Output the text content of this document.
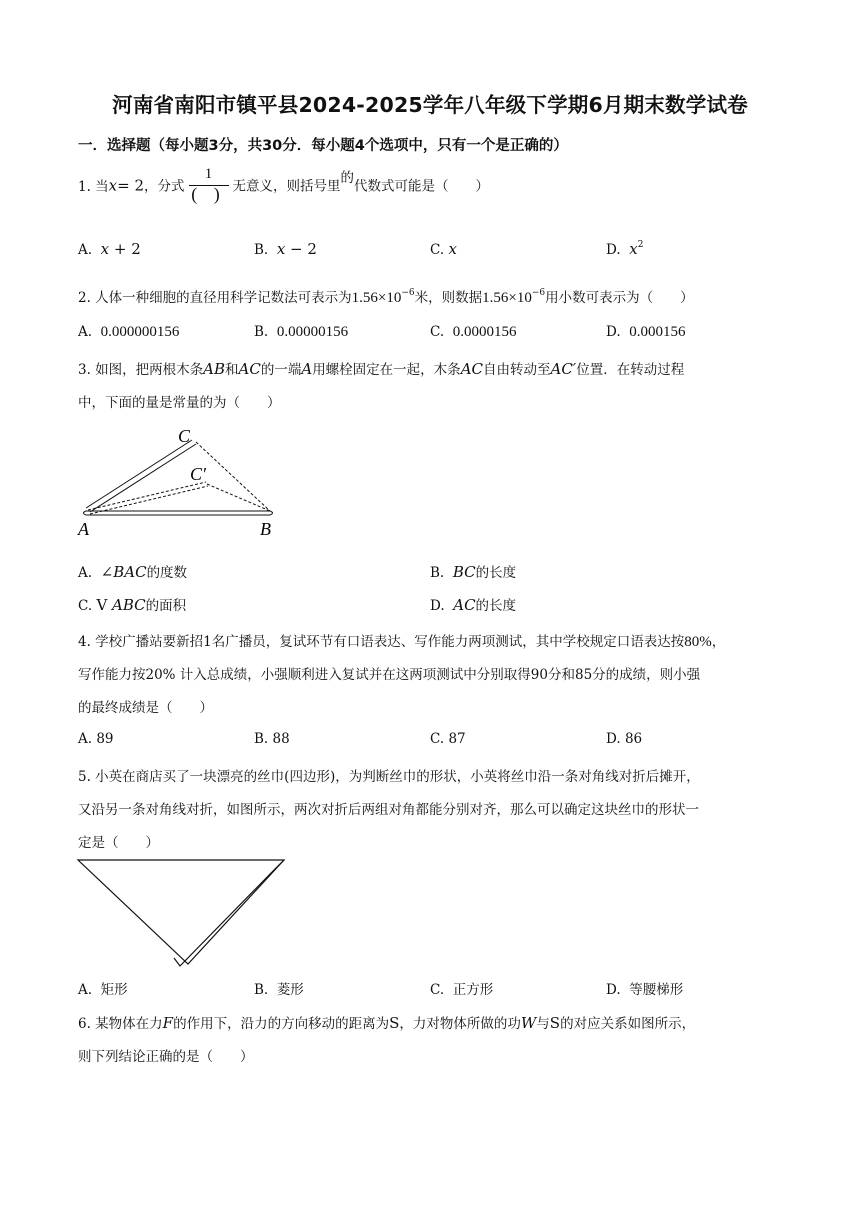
河南省南阳市镇平县2024-2025学年八年级下学期6月期末数学试卷
一．选择题（每小题3分，共30分．每小题4个选项中，只有一个是正确的）
1. 当x= 2，分式 $\frac{1}{( )}$ 无意义，则括号里的代数式可能是（　　）
A. x + 2	B. x − 2	C. x	D. $x^2$
2. 人体一种细胞的直径用科学记数法可表示为$1.56\times 10^{-6}$米，则数据$1.56\times 10^{-6}$用小数可表示为（　　）
A. 0.000000156	B. 0.00000156	C. 0.0000156	D. 0.000156
3. 如图，把两根木条AB和AC的一端A用螺栓固定在一起，木条AC自由转动至AC′位置．在转动过程
中，下面的量是常量的为（　　）
C
C′
A	B
A. ∠BAC的度数	B. BC的长度
C. V ABC的面积	D. AC的长度
4. 学校广播站要新招1名广播员，复试环节有口语表达、写作能力两项测试，其中学校规定口语表达按80%，
写作能力按20% 计入总成绩，小强顺利进入复试并在这两项测试中分别取得90分和85分的成绩，则小强
的最终成绩是（　　）
A. 89	B. 88	C. 87	D. 86
5. 小英在商店买了一块漂亮的丝巾(四边形)，为判断丝巾的形状，小英将丝巾沿一条对角线对折后摊开，
又沿另一条对角线对折，如图所示，两次对折后两组对角都能分别对齐，那么可以确定这块丝巾的形状一
定是（　　）
A. 矩形	B. 菱形	C. 正方形	D. 等腰梯形
6. 某物体在力F的作用下，沿力的方向移动的距离为S，力对物体所做的功W与S的对应关系如图所示，
则下列结论正确的是（　　）
